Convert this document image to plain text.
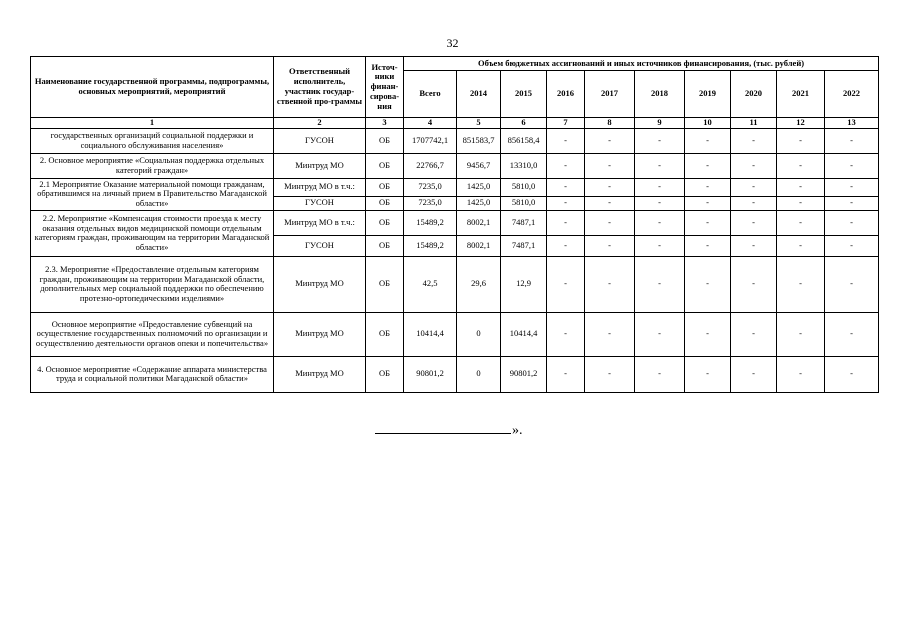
32
Наименование государственной программы, подпрограммы, основных мероприятий, мероприятий	Ответственный исполнитель, участник государ-ственной про-граммы	Источ-ники финан-сирова-ния	Объем бюджетных ассигнований и иных источников финансирования, (тыс. рублей)									
			Всего	2014	2015	2016	2017	2018	2019	2020	2021	2022
1	2	3	4	5	6	7	8	9	10	11	12	13
государственных организаций социальной поддержки и социального обслуживания населения»	ГУСОН	ОБ	1707742,1	851583,7	856158,4	-	-	-	-	-	-	-
2. Основное мероприятие «Социальная поддержка отдельных категорий граждан»	Минтруд МО	ОБ	22766,7	9456,7	13310,0	-	-	-	-	-	-	-
2.1 Мероприятие Оказание материальной помощи гражданам, обратившимся на личный прием в Правительство Магаданской области»	Минтруд МО в т.ч.:	ОБ	7235,0	1425,0	5810,0	-	-	-	-	-	-	-
	ГУСОН	ОБ	7235,0	1425,0	5810,0	-	-	-	-	-	-	-
2.2. Мероприятие «Компенсация стоимости проезда к месту оказания отдельных видов медицинской помощи отдельным категориям граждан, проживающим на территории Магаданской области»	Минтруд МО в т.ч.:	ОБ	15489,2	8002,1	7487,1	-	-	-	-	-	-	-
	ГУСОН	ОБ	15489,2	8002,1	7487,1	-	-	-	-	-	-	-
2.3. Мероприятие «Предоставление отдельным категориям граждан, проживающим на территории Магаданской области, дополнительных мер социальной поддержки по обеспечению протезно-ортопедическими изделиями»	Минтруд МО	ОБ	42,5	29,6	12,9	-	-	-	-	-	-	-
Основное мероприятие «Предоставление субвенций на осуществление государственных полномочий по организации и осуществлению деятельности органов опеки и попечительства»	Минтруд МО	ОБ	10414,4	0	10414,4	-	-	-	-	-	-	-
4. Основное мероприятие «Содержание аппарата министерства труда и социальной политики Магаданской области»	Минтруд МО	ОБ	90801,2	0	90801,2	-	-	-	-	-	-	-
».
